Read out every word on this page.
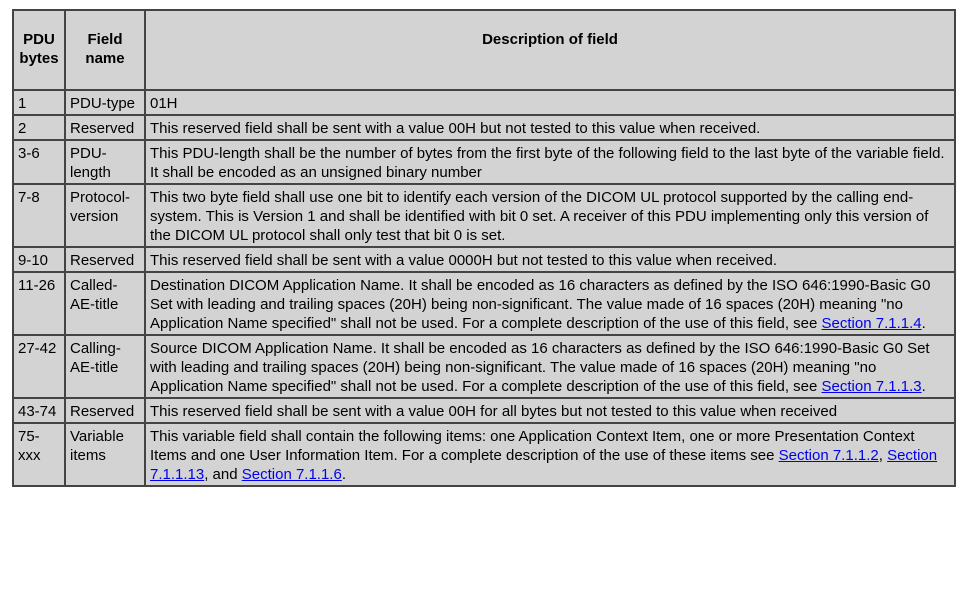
PDU bytes	Field name	Description of field
1	PDU-type	01H
2	Reserved	This reserved field shall be sent with a value 00H but not tested to this value when received.
3-6	PDU-length	This PDU-length shall be the number of bytes from the first byte of the following field to the last byte of the variable field. It shall be encoded as an unsigned binary number
7-8	Protocol-version	This two byte field shall use one bit to identify each version of the DICOM UL protocol supported by the calling end-system. This is Version 1 and shall be identified with bit 0 set. A receiver of this PDU implementing only this version of the DICOM UL protocol shall only test that bit 0 is set.
9-10	Reserved	This reserved field shall be sent with a value 0000H but not tested to this value when received.
11-26	Called-AE-title	Destination DICOM Application Name. It shall be encoded as 16 characters as defined by the ISO 646:1990-Basic G0 Set with leading and trailing spaces (20H) being non-significant. The value made of 16 spaces (20H) meaning "no Application Name specified" shall not be used. For a complete description of the use of this field, see Section 7.1.1.4.
27-42	Calling-AE-title	Source DICOM Application Name. It shall be encoded as 16 characters as defined by the ISO 646:1990-Basic G0 Set with leading and trailing spaces (20H) being non-significant. The value made of 16 spaces (20H) meaning "no Application Name specified" shall not be used. For a complete description of the use of this field, see Section 7.1.1.3.
43-74	Reserved	This reserved field shall be sent with a value 00H for all bytes but not tested to this value when received
75-xxx	Variable items	This variable field shall contain the following items: one Application Context Item, one or more Presentation Context Items and one User Information Item. For a complete description of the use of these items see Section 7.1.1.2, Section 7.1.1.13, and Section 7.1.1.6.
